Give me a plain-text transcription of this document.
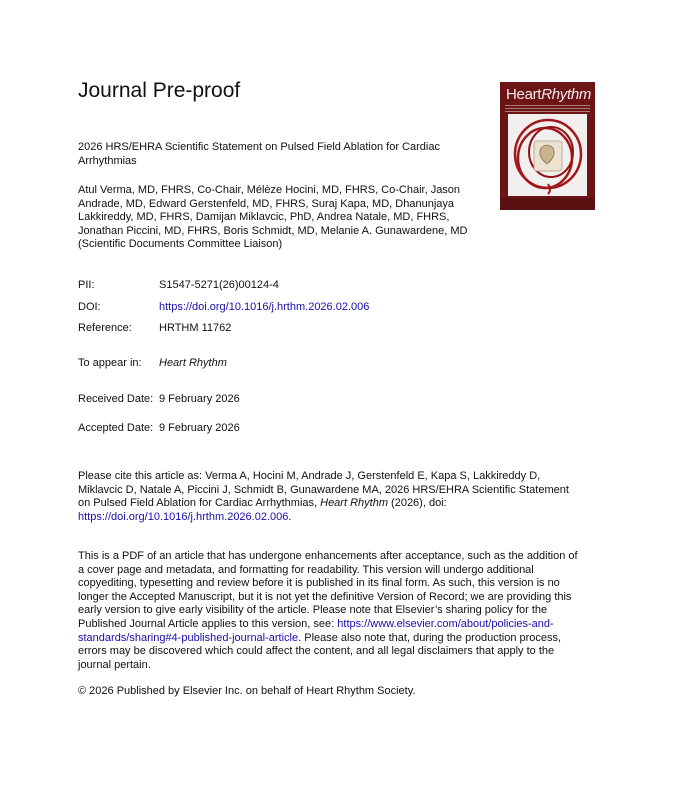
Journal Pre-proof	HeartRhythm
2026 HRS/EHRA Scientific Statement on Pulsed Field Ablation for Cardiac Arrhythmias
Atul Verma, MD, FHRS, Co-Chair, Mélèze Hocini, MD, FHRS, Co-Chair, Jason Andrade, MD, Edward Gerstenfeld, MD, FHRS, Suraj Kapa, MD, Dhanunjaya Lakkireddy, MD, FHRS, Damijan Miklavcic, PhD, Andrea Natale, MD, FHRS, Jonathan Piccini, MD, FHRS, Boris Schmidt, MD, Melanie A. Gunawardene, MD (Scientific Documents Committee Liaison)
PII:	S1547-5271(26)00124-4
DOI:	https://doi.org/10.1016/j.hrthm.2026.02.006
Reference: HRTHM 11762
To appear in: Heart Rhythm
Received Date: 9 February 2026
Accepted Date: 9 February 2026
Please cite this article as: Verma A, Hocini M, Andrade J, Gerstenfeld E, Kapa S, Lakkireddy D, Miklavcic D, Natale A, Piccini J, Schmidt B, Gunawardene MA, 2026 HRS/EHRA Scientific Statement on Pulsed Field Ablation for Cardiac Arrhythmias, Heart Rhythm (2026), doi: https://doi.org/10.1016/j.hrthm.2026.02.006.
This is a PDF of an article that has undergone enhancements after acceptance, such as the addition of a cover page and metadata, and formatting for readability. This version will undergo additional copyediting, typesetting and review before it is published in its final form. As such, this version is no longer the Accepted Manuscript, but it is not yet the definitive Version of Record; we are providing this early version to give early visibility of the article. Please note that Elsevier’s sharing policy for the Published Journal Article applies to this version, see: https://www.elsevier.com/about/policies-and-standards/sharing#4-published-journal-article. Please also note that, during the production process, errors may be discovered which could affect the content, and all legal disclaimers that apply to the journal pertain.
© 2026 Published by Elsevier Inc. on behalf of Heart Rhythm Society.
